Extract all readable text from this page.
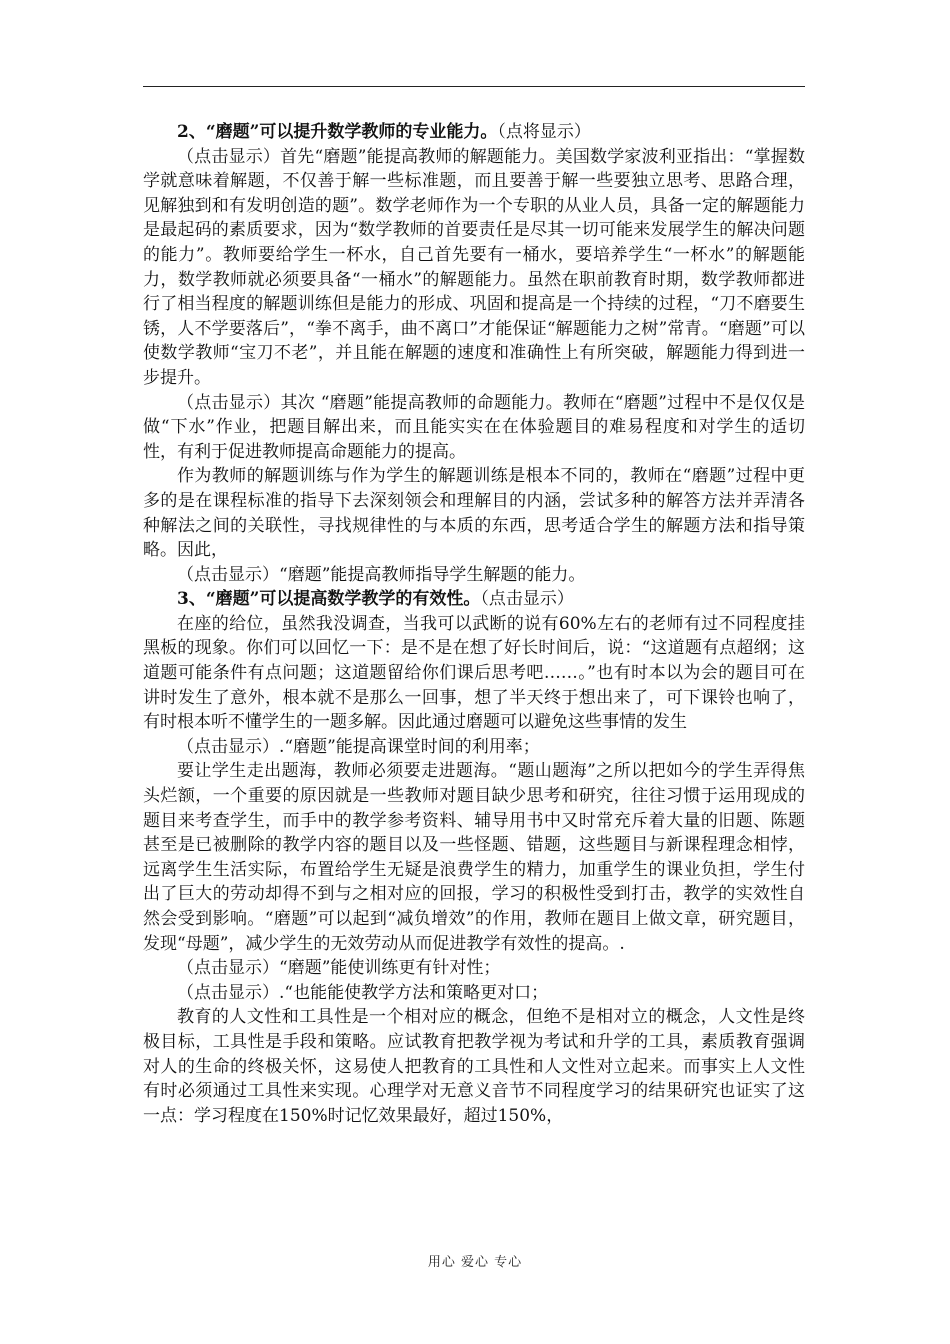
2、“磨题”可以提升数学教师的专业能力。（点将显示）

（点击显示）首先“磨题”能提高教师的解题能力。美国数学家波利亚指出：“掌握数学就意味着解题，不仅善于解一些标准题，而且要善于解一些要独立思考、思路合理，见解独到和有发明创造的题”。数学老师作为一个专职的从业人员，具备一定的解题能力是最起码的素质要求，因为“数学教师的首要责任是尽其一切可能来发展学生的解决问题的能力”。教师要给学生一杯水，自己首先要有一桶水，要培养学生“一杯水”的解题能力，数学教师就必须要具备“一桶水”的解题能力。虽然在职前教育时期，数学教师都进行了相当程度的解题训练但是能力的形成、巩固和提高是一个持续的过程，“刀不磨要生锈，人不学要落后”，“拳不离手，曲不离口”才能保证“解题能力之树”常青。“磨题”可以使数学教师“宝刀不老”，并且能在解题的速度和准确性上有所突破，解题能力得到进一步提升。

（点击显示）其次 “磨题”能提高教师的命题能力。教师在“磨题”过程中不是仅仅是做“下水”作业，把题目解出来，而且能实实在在体验题目的难易程度和对学生的适切性，有利于促进教师提高命题能力的提高。

作为教师的解题训练与作为学生的解题训练是根本不同的，教师在“磨题”过程中更多的是在课程标准的指导下去深刻领会和理解目的内涵，尝试多种的解答方法并弄清各种解法之间的关联性，寻找规律性的与本质的东西，思考适合学生的解题方法和指导策略。因此，

（点击显示）“磨题”能提高教师指导学生解题的能力。

3、“磨题”可以提高数学教学的有效性。（点击显示）

在座的给位，虽然我没调查，当我可以武断的说有60%左右的老师有过不同程度挂黑板的现象。你们可以回忆一下：是不是在想了好长时间后，说：“这道题有点超纲；这道题可能条件有点问题；这道题留给你们课后思考吧……。”也有时本以为会的题目可在讲时发生了意外，根本就不是那么一回事，想了半天终于想出来了，可下课铃也响了，有时根本听不懂学生的一题多解。因此通过磨题可以避免这些事情的发生

（点击显示）.“磨题”能提高课堂时间的利用率；

要让学生走出题海，教师必须要走进题海。“题山题海”之所以把如今的学生弄得焦头烂额，一个重要的原因就是一些教师对题目缺少思考和研究，往往习惯于运用现成的题目来考查学生，而手中的教学参考资料、辅导用书中又时常充斥着大量的旧题、陈题甚至是已被删除的教学内容的题目以及一些怪题、错题，这些题目与新课程理念相悖，远离学生生活实际，布置给学生无疑是浪费学生的精力，加重学生的课业负担，学生付出了巨大的劳动却得不到与之相对应的回报，学习的积极性受到打击，教学的实效性自然会受到影响。“磨题”可以起到“减负增效”的作用，教师在题目上做文章，研究题目，发现“母题”，减少学生的无效劳动从而促进教学有效性的提高。.

（点击显示）“磨题”能使训练更有针对性；

（点击显示）.“也能能使教学方法和策略更对口；

教育的人文性和工具性是一个相对应的概念，但绝不是相对立的概念，人文性是终极目标，工具性是手段和策略。应试教育把教学视为考试和升学的工具，素质教育强调对人的生命的终极关怀，这易使人把教育的工具性和人文性对立起来。而事实上人文性有时必须通过工具性来实现。心理学对无意义音节不同程度学习的结果研究也证实了这一点：学习程度在150%时记忆效果最好，超过150%，

用心 爱心 专心
